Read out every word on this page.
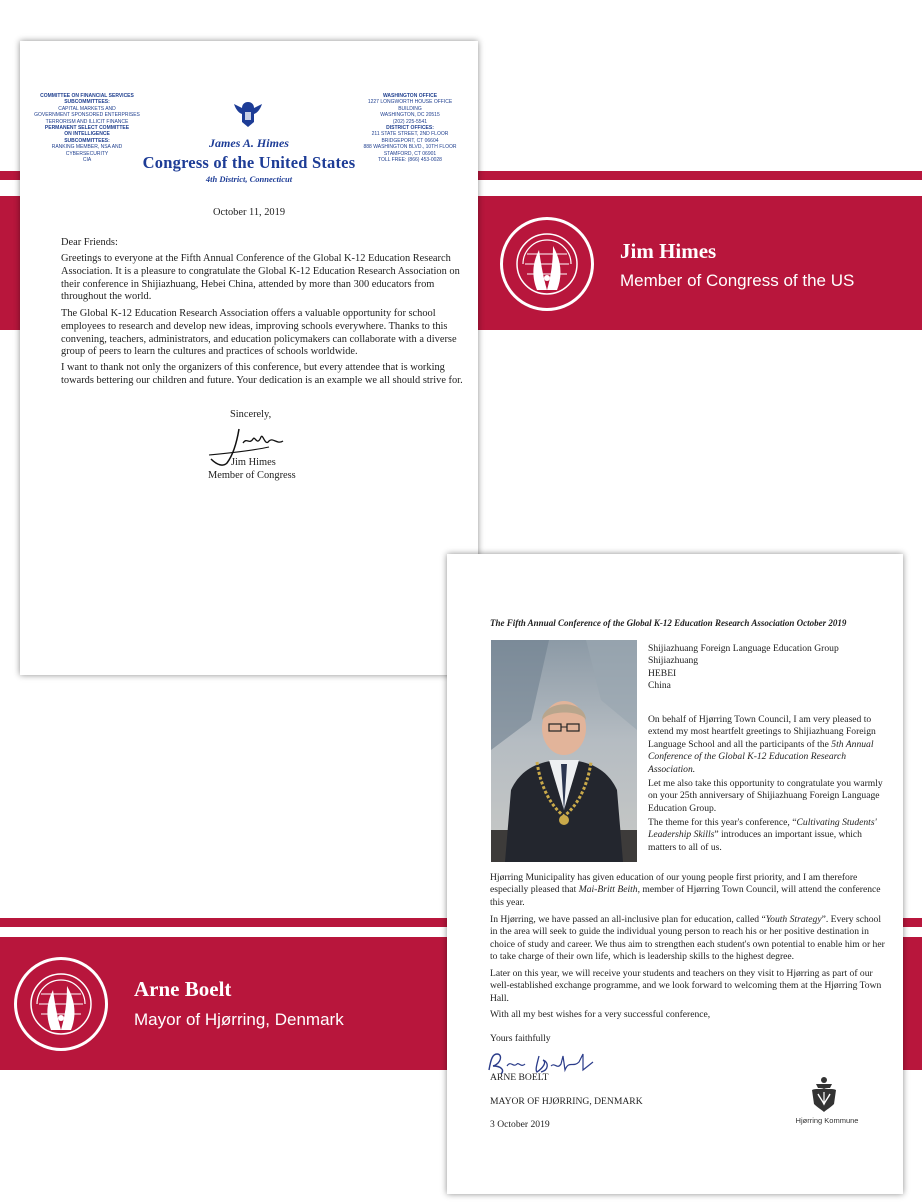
Jim Himes
Member of Congress of the US
Arne Boelt
Mayor of Hjørring, Denmark
COMMITTEE ON FINANCIAL SERVICES
SUBCOMMITTEES:
CAPITAL MARKETS AND
GOVERNMENT SPONSORED ENTERPRISES
TERRORISM AND ILLICIT FINANCE
PERMANENT SELECT COMMITTEE
ON INTELLIGENCE
SUBCOMMITTEES:
RANKING MEMBER, NSA AND CYBERSECURITY
CIA
WASHINGTON OFFICE
1227 LONGWORTH HOUSE OFFICE BUILDING
WASHINGTON, DC 20515
(202) 225-5541
DISTRICT OFFICES:
211 STATE STREET, 2ND FLOOR
BRIDGEPORT, CT 06604
888 WASHINGTON BLVD., 10TH FLOOR
STAMFORD, CT 06901
TOLL FREE: (866) 453-0028
James A. Himes
Congress of the United States
4th District, Connecticut
October 11, 2019
Dear Friends:
Greetings to everyone at the Fifth Annual Conference of the Global K-12 Education Research Association. It is a pleasure to congratulate the Global K-12 Education Research Association on their conference in Shijiazhuang, Hebei China, attended by more than 300 educators from throughout the world.
The Global K-12 Education Research Association offers a valuable opportunity for school employees to research and develop new ideas, improving schools everywhere. Thanks to this convening, teachers, administrators, and education policymakers can collaborate with a diverse group of peers to learn the cultures and practices of schools worldwide.
I want to thank not only the organizers of this conference, but every attendee that is working towards bettering our children and future. Your dedication is an example we all should strive for.
Sincerely,
Jim Himes
Member of Congress
The Fifth Annual Conference of the Global K-12 Education Research Association October 2019
Shijiazhuang Foreign Language Education Group
Shijiazhuang
HEBEI
China
On behalf of Hjørring Town Council, I am very pleased to extend my most heartfelt greetings to Shijiazhuang Foreign Language School and all the participants of the 5th Annual Conference of the Global K-12 Education Research Association.
Let me also take this opportunity to congratulate you warmly on your 25th anniversary of Shijiazhuang Foreign Language Education Group.
The theme for this year's conference, “Cultivating Students' Leadership Skills” introduces an important issue, which matters to all of us.
Hjørring Municipality has given education of our young people first priority, and I am therefore especially pleased that Mai-Britt Beith, member of Hjørring Town Council, will attend the conference this year.
In Hjørring, we have passed an all-inclusive plan for education, called “Youth Strategy”. Every school in the area will seek to guide the individual young person to reach his or her positive destination in choice of study and career. We thus aim to strengthen each student's own potential to enable him or her to take charge of their own life, which is leadership skills to the highest degree.
Later on this year, we will receive your students and teachers on they visit to Hjørring as part of our well-established exchange programme, and we look forward to welcoming them at the Hjørring Town Hall.
With all my best wishes for a very successful conference,
Yours faithfully
ARNE BOELT
MAYOR OF HJØRRING, DENMARK
3 October 2019	Hjørring Kommune
